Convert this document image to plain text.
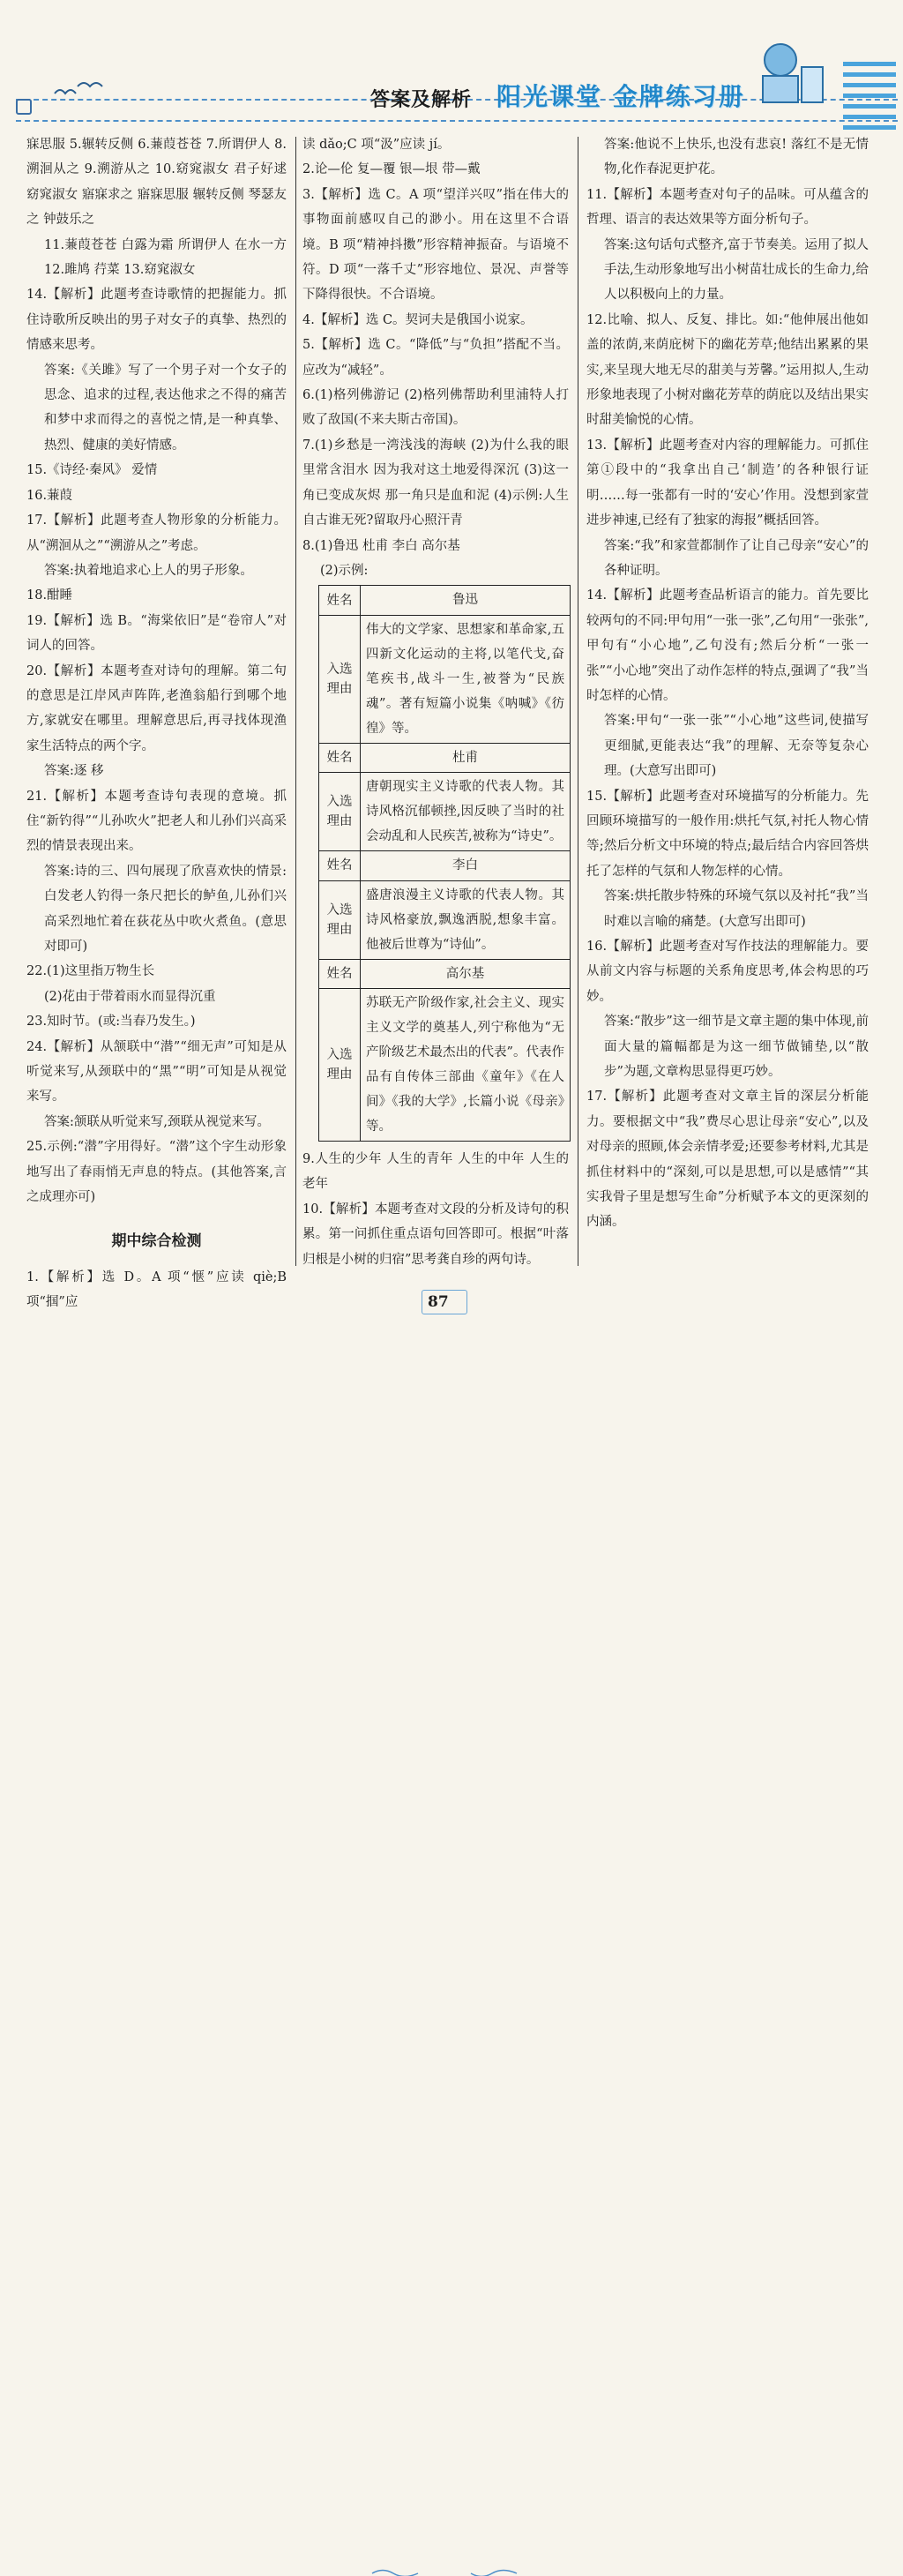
答案及解析 阳光课堂 金牌练习册

寐思服 5.辗转反侧 6.蒹葭苍苍 7.所谓伊人 8.溯洄从之 9.溯游从之 10.窈窕淑女 君子好逑 窈窕淑女 寤寐求之 寤寐思服 辗转反侧 琴瑟友之 钟鼓乐之

11.蒹葭苍苍 白露为霜 所谓伊人 在水一方 12.雎鸠 荇菜 13.窈窕淑女

14.【解析】此题考查诗歌情的把握能力。抓住诗歌所反映出的男子对女子的真挚、热烈的情感来思考。

答案:《关雎》写了一个男子对一个女子的思念、追求的过程,表达他求之不得的痛苦和梦中求而得之的喜悦之情,是一种真挚、热烈、健康的美好情感。

15.《诗经·秦风》 爱情

16.蒹葭

17.【解析】此题考查人物形象的分析能力。从“溯洄从之”“溯游从之”考虑。

答案:执着地追求心上人的男子形象。

18.酣睡

19.【解析】选 B。“海棠依旧”是“卷帘人”对词人的回答。

20.【解析】本题考查对诗句的理解。第二句的意思是江岸风声阵阵,老渔翁船行到哪个地方,家就安在哪里。理解意思后,再寻找体现渔家生活特点的两个字。

答案:逐 移

21.【解析】本题考查诗句表现的意境。抓住“新钓得”“儿孙吹火”把老人和儿孙们兴高采烈的情景表现出来。

答案:诗的三、四句展现了欣喜欢快的情景:白发老人钓得一条尺把长的鲈鱼,儿孙们兴高采烈地忙着在荻花丛中吹火煮鱼。(意思对即可)

22.(1)这里指万物生长

(2)花由于带着雨水而显得沉重

23.知时节。(或:当春乃发生。)

24.【解析】从颔联中“潜”“细无声”可知是从听觉来写,从颈联中的“黑”“明”可知是从视觉来写。

答案:颔联从听觉来写,颈联从视觉来写。

25.示例:“潜”字用得好。“潜”这个字生动形象地写出了春雨悄无声息的特点。(其他答案,言之成理亦可)

期中综合检测

1.【解析】选 D。A 项“惬”应读 qiè;B 项“掴”应

读 dǎo;C 项“汲”应读 jí。

2.论—伦 复—覆 银—垠 带—戴

3.【解析】选 C。A 项“望洋兴叹”指在伟大的事物面前感叹自己的渺小。用在这里不合语境。B 项“精神抖擞”形容精神振奋。与语境不符。D 项“一落千丈”形容地位、景况、声誉等下降得很快。不合语境。

4.【解析】选 C。契诃夫是俄国小说家。

5.【解析】选 C。“降低”与“负担”搭配不当。应改为“减轻”。

6.(1)格列佛游记 (2)格列佛帮助利里浦特人打败了敌国(不来夫斯古帝国)。

7.(1)乡愁是一湾浅浅的海峡 (2)为什么我的眼里常含泪水 因为我对这土地爱得深沉 (3)这一角已变成灰烬 那一角只是血和泥 (4)示例:人生自古谁无死?留取丹心照汗青

8.(1)鲁迅 杜甫 李白 高尔基

(2)示例:

姓名	鲁迅
入选理由	伟大的文学家、思想家和革命家,五四新文化运动的主将,以笔代戈,奋笔疾书,战斗一生,被誉为“民族魂”。著有短篇小说集《呐喊》《彷徨》等。
姓名	杜甫
入选理由	唐朝现实主义诗歌的代表人物。其诗风格沉郁顿挫,因反映了当时的社会动乱和人民疾苦,被称为“诗史”。
姓名	李白
入选理由	盛唐浪漫主义诗歌的代表人物。其诗风格豪放,飘逸洒脱,想象丰富。他被后世尊为“诗仙”。
姓名	高尔基
入选理由	苏联无产阶级作家,社会主义、现实主义文学的奠基人,列宁称他为“无产阶级艺术最杰出的代表”。代表作品有自传体三部曲《童年》《在人间》《我的大学》,长篇小说《母亲》等。

9.人生的少年 人生的青年 人生的中年 人生的老年

10.【解析】本题考查对文段的分析及诗句的积累。第一问抓住重点语句回答即可。根据“叶落归根是小树的归宿”思考龚自珍的两句诗。

答案:他说不上快乐,也没有悲哀! 落红不是无情物,化作春泥更护花。

11.【解析】本题考查对句子的品味。可从蕴含的哲理、语言的表达效果等方面分析句子。

答案:这句话句式整齐,富于节奏美。运用了拟人手法,生动形象地写出小树苗壮成长的生命力,给人以积极向上的力量。

12.比喻、拟人、反复、排比。如:“他伸展出他如盖的浓荫,来荫庇树下的幽花芳草;他结出累累的果实,来呈现大地无尽的甜美与芳馨。”运用拟人,生动形象地表现了小树对幽花芳草的荫庇以及结出果实时甜美愉悦的心情。

13.【解析】此题考查对内容的理解能力。可抓住第①段中的“我拿出自己‘制造’的各种银行证明……每一张都有一时的‘安心’作用。没想到家萱进步神速,已经有了独家的海报”概括回答。

答案:“我”和家萱都制作了让自己母亲“安心”的各种证明。

14.【解析】此题考查品析语言的能力。首先要比较两句的不同:甲句用“一张一张”,乙句用“一张张”,甲句有“小心地”,乙句没有;然后分析“一张一张”“小心地”突出了动作怎样的特点,强调了“我”当时怎样的心情。

答案:甲句“一张一张”“小心地”这些词,使描写更细腻,更能表达“我”的理解、无奈等复杂心理。(大意写出即可)

15.【解析】此题考查对环境描写的分析能力。先回顾环境描写的一般作用:烘托气氛,衬托人物心情等;然后分析文中环境的特点;最后结合内容回答烘托了怎样的气氛和人物怎样的心情。

答案:烘托散步特殊的环境气氛以及衬托“我”当时难以言喻的痛楚。(大意写出即可)

16.【解析】此题考查对写作技法的理解能力。要从前文内容与标题的关系角度思考,体会构思的巧妙。

答案:“散步”这一细节是文章主题的集中体现,前面大量的篇幅都是为这一细节做铺垫,以“散步”为题,文章构思显得更巧妙。

17.【解析】此题考查对文章主旨的深层分析能力。要根据文中“我”费尽心思让母亲“安心”,以及对母亲的照顾,体会亲情孝爱;还要参考材料,尤其是抓住材料中的“深刻,可以是思想,可以是感情”“其实我骨子里是想写生命”分析赋予本文的更深刻的内涵。

87
